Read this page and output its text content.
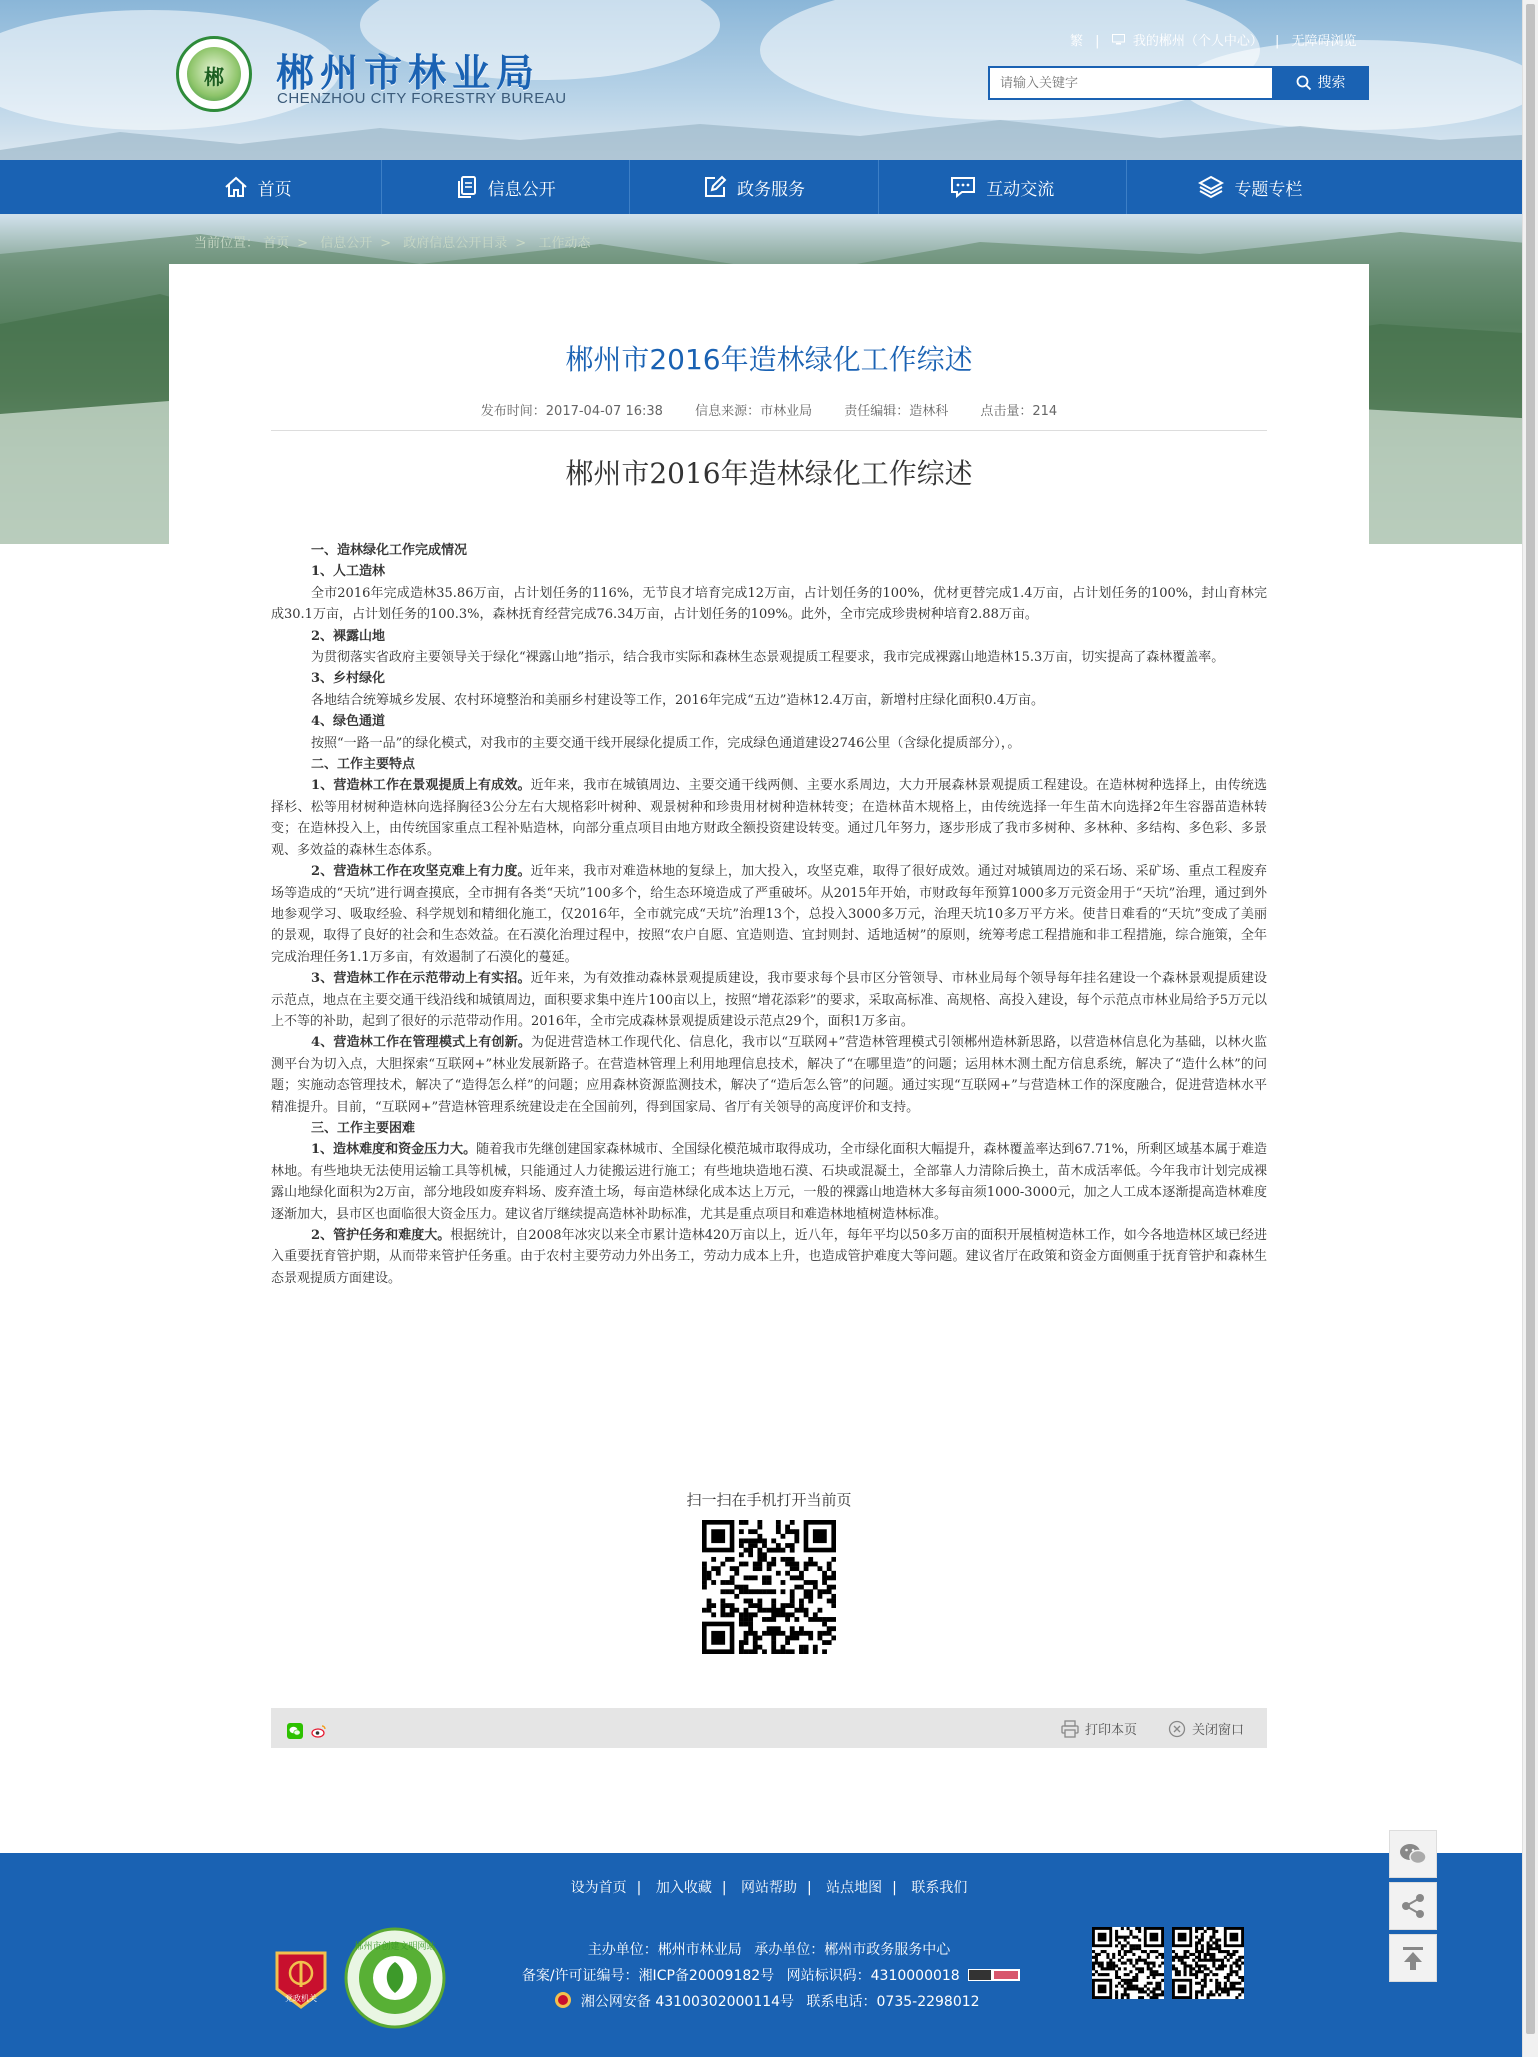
郴	郴州市林业局
CHENZHOU CITY FORESTRY BUREAU
繁 |	我的郴州（个人中心） | 无障碍浏览
请输入关键字
搜索
首页	信息公开	政务服务	互动交流	专题专栏
当前位置： 首页 > 信息公开 > 政府信息公开目录 > 工作动态
郴州市2016年造林绿化工作综述
发布时间：2017-04-07 16:38 信息来源：市林业局 责任编辑：造林科 点击量：214
郴州市2016年造林绿化工作综述

一、造林绿化工作完成情况

1、人工造林

全市2016年完成造林35.86万亩，占计划任务的116%，无节良才培育完成12万亩，占计划任务的100%，优材更替完成1.4万亩，占计划任务的100%，封山育林完成30.1万亩，占计划任务的100.3%，森林抚育经营完成76.34万亩，占计划任务的109%。此外，全市完成珍贵树种培育2.88万亩。

2、裸露山地

为贯彻落实省政府主要领导关于绿化“裸露山地”指示，结合我市实际和森林生态景观提质工程要求，我市完成裸露山地造林15.3万亩，切实提高了森林覆盖率。

3、乡村绿化

各地结合统筹城乡发展、农村环境整治和美丽乡村建设等工作，2016年完成“五边”造林12.4万亩，新增村庄绿化面积0.4万亩。

4、绿色通道

按照“一路一品”的绿化模式，对我市的主要交通干线开展绿化提质工作，完成绿色通道建设2746公里（含绿化提质部分），。

二、工作主要特点

1、营造林工作在景观提质上有成效。近年来，我市在城镇周边、主要交通干线两侧、主要水系周边，大力开展森林景观提质工程建设。在造林树种选择上，由传统选择杉、松等用材树种造林向选择胸径3公分左右大规格彩叶树种、观景树种和珍贵用材树种造林转变；在造林苗木规格上，由传统选择一年生苗木向选择2年生容器苗造林转变；在造林投入上，由传统国家重点工程补贴造林，向部分重点项目由地方财政全额投资建设转变。通过几年努力，逐步形成了我市多树种、多林种、多结构、多色彩、多景观、多效益的森林生态体系。

2、营造林工作在攻坚克难上有力度。近年来，我市对难造林地的复绿上，加大投入，攻坚克难，取得了很好成效。通过对城镇周边的采石场、采矿场、重点工程废弃场等造成的“天坑”进行调查摸底，全市拥有各类“天坑”100多个，给生态环境造成了严重破坏。从2015年开始，市财政每年预算1000多万元资金用于“天坑”治理，通过到外地参观学习、吸取经验、科学规划和精细化施工，仅2016年，全市就完成“天坑”治理13个，总投入3000多万元，治理天坑10多万平方米。使昔日难看的“天坑”变成了美丽的景观，取得了良好的社会和生态效益。在石漠化治理过程中，按照“农户自愿、宜造则造、宜封则封、适地适树”的原则，统筹考虑工程措施和非工程措施，综合施策，全年完成治理任务1.1万多亩，有效遏制了石漠化的蔓延。

3、营造林工作在示范带动上有实招。近年来，为有效推动森林景观提质建设，我市要求每个县市区分管领导、市林业局每个领导每年挂名建设一个森林景观提质建设示范点，地点在主要交通干线沿线和城镇周边，面积要求集中连片100亩以上，按照“增花添彩”的要求，采取高标准、高规格、高投入建设，每个示范点市林业局给予5万元以上不等的补助，起到了很好的示范带动作用。2016年，全市完成森林景观提质建设示范点29个，面积1万多亩。

4、营造林工作在管理模式上有创新。为促进营造林工作现代化、信息化，我市以“互联网+”营造林管理模式引领郴州造林新思路，以营造林信息化为基础，以林火监测平台为切入点，大胆探索“互联网+”林业发展新路子。在营造林管理上利用地理信息技术，解决了“在哪里造”的问题；运用林木测土配方信息系统，解决了“造什么林”的问题；实施动态管理技术，解决了“造得怎么样”的问题；应用森林资源监测技术，解决了“造后怎么管”的问题。通过实现“互联网+”与营造林工作的深度融合，促进营造林水平精准提升。目前，“互联网+”营造林管理系统建设走在全国前列，得到国家局、省厅有关领导的高度评价和支持。

三、工作主要困难

1、造林难度和资金压力大。随着我市先继创建国家森林城市、全国绿化模范城市取得成功，全市绿化面积大幅提升，森林覆盖率达到67.71%，所剩区域基本属于难造林地。有些地块无法使用运输工具等机械，只能通过人力徒搬运进行施工；有些地块造地石漠、石块或混凝土，全部靠人力清除后换土，苗木成活率低。今年我市计划完成裸露山地绿化面积为2万亩，部分地段如废弃料场、废弃渣土场，每亩造林绿化成本达上万元，一般的裸露山地造林大多每亩须1000-3000元，加之人工成本逐渐提高造林难度逐渐加大，县市区也面临很大资金压力。建议省厅继续提高造林补助标准，尤其是重点项目和难造林地植树造林标准。

2、管护任务和难度大。根据统计，自2008年冰灾以来全市累计造林420万亩以上，近八年，每年平均以50多万亩的面积开展植树造林工作，如今各地造林区域已经进入重要抚育管护期，从而带来管护任务重。由于农村主要劳动力外出务工，劳动力成本上升，也造成管护难度大等问题。建议省厅在政策和资金方面侧重于抚育管护和森林生态景观提质方面建设。

扫一扫在手机打开当前页

打印本页	关闭窗口
设为首页 | 加入收藏 | 网站帮助 | 站点地图 | 联系我们
党政机关
郴州市创建文明网站	主办单位：郴州市林业局 承办单位：郴州市政务服务中心
备案/许可证编号：湘ICP备20009182号 网站标识码：4310000018
湘公网安备 43100302000114号 联系电话：0735-2298012
